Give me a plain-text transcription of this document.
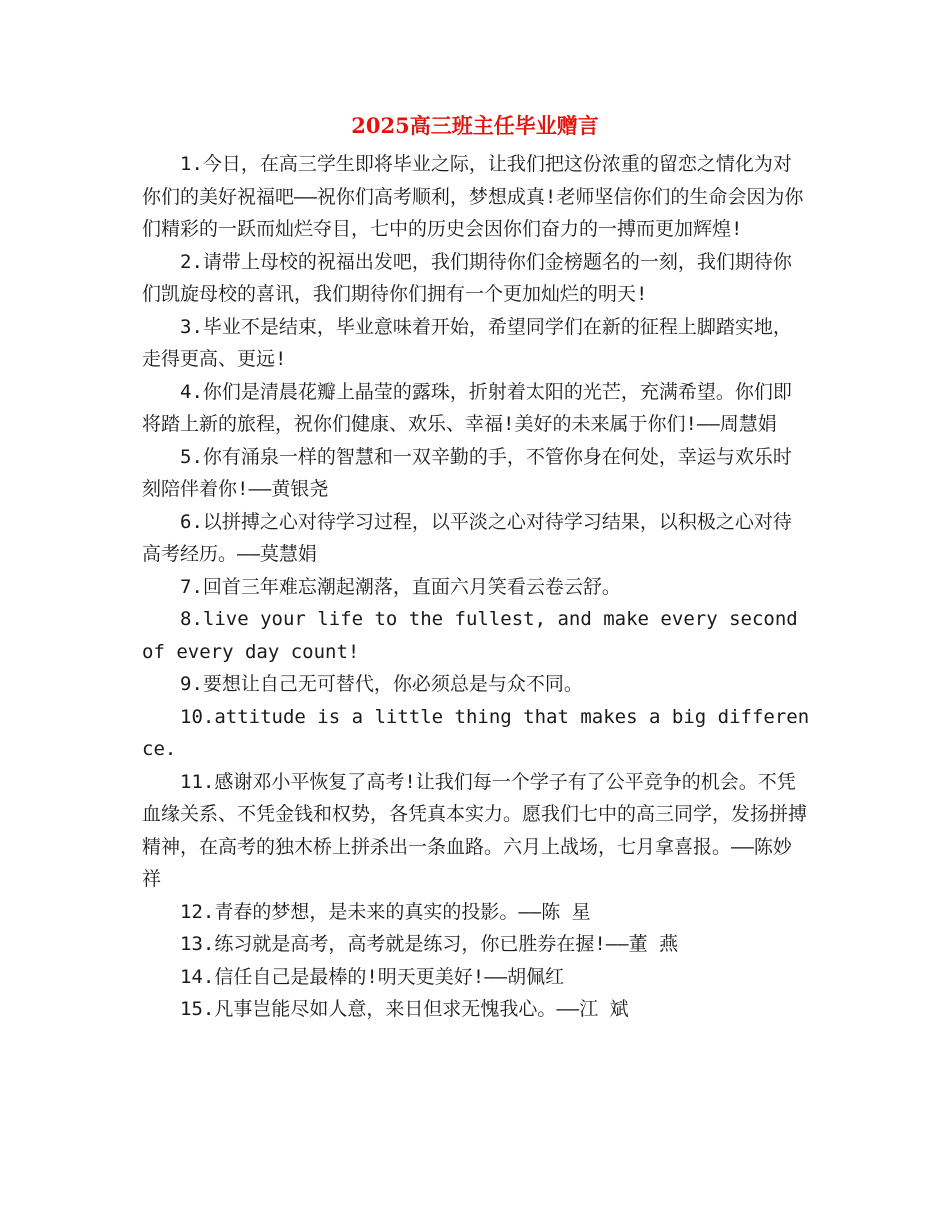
2025高三班主任毕业赠言

1.今日，在高三学生即将毕业之际，让我们把这份浓重的留恋之情化为对你们的美好祝福吧——祝你们高考顺利，梦想成真!老师坚信你们的生命会因为你们精彩的一跃而灿烂夺目，七中的历史会因你们奋力的一搏而更加辉煌!

2.请带上母校的祝福出发吧，我们期待你们金榜题名的一刻，我们期待你们凯旋母校的喜讯，我们期待你们拥有一个更加灿烂的明天!

3.毕业不是结束，毕业意味着开始，希望同学们在新的征程上脚踏实地，走得更高、更远!

4.你们是清晨花瓣上晶莹的露珠，折射着太阳的光芒，充满希望。你们即将踏上新的旅程，祝你们健康、欢乐、幸福!美好的未来属于你们!——周慧娟

5.你有涌泉一样的智慧和一双辛勤的手，不管你身在何处，幸运与欢乐时刻陪伴着你!——黄银尧

6.以拼搏之心对待学习过程，以平淡之心对待学习结果，以积极之心对待高考经历。——莫慧娟

7.回首三年难忘潮起潮落，直面六月笑看云卷云舒。

8.live your life to the fullest, and make every second of every day count!

9.要想让自己无可替代，你必须总是与众不同。

10.attitude is a little thing that makes a big difference.

11.感谢邓小平恢复了高考!让我们每一个学子有了公平竞争的机会。不凭血缘关系、不凭金钱和权势，各凭真本实力。愿我们七中的高三同学，发扬拼搏精神，在高考的独木桥上拼杀出一条血路。六月上战场，七月拿喜报。——陈妙祥

12.青春的梦想，是未来的真实的投影。——陈 星

13.练习就是高考，高考就是练习，你已胜券在握!——董 燕

14.信任自己是最棒的!明天更美好!——胡佩红

15.凡事岂能尽如人意，来日但求无愧我心。——江 斌
